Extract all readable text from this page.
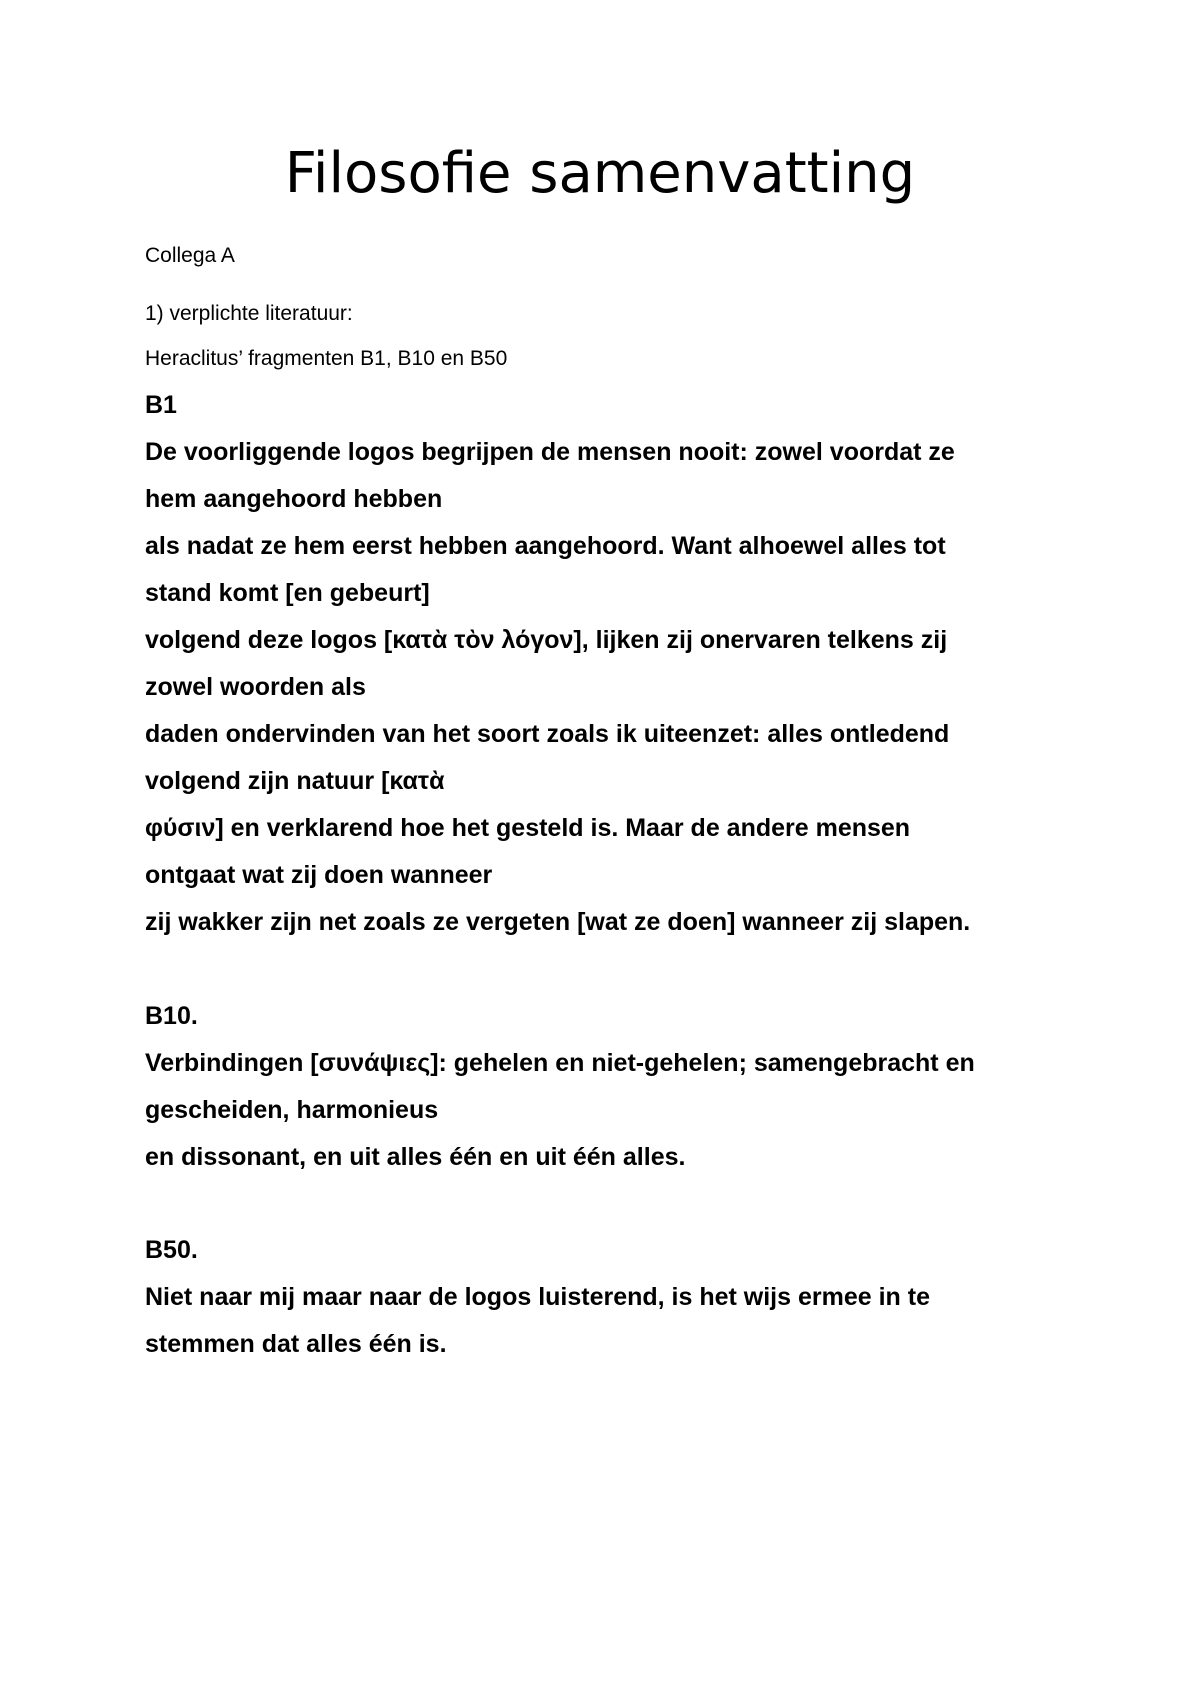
Filosofie samenvatting

Collega A

1) verplichte literatuur:

Heraclitus’ fragmenten B1, B10 en B50

B1

De voorliggende logos begrijpen de mensen nooit: zowel voordat ze

hem aangehoord hebben

als nadat ze hem eerst hebben aangehoord. Want alhoewel alles tot

stand komt [en gebeurt]

volgend deze logos [κατὰ τὸν λόγον], lijken zij onervaren telkens zij

zowel woorden als

daden ondervinden van het soort zoals ik uiteenzet: alles ontledend

volgend zijn natuur [κατὰ

φύσιν] en verklarend hoe het gesteld is. Maar de andere mensen

ontgaat wat zij doen wanneer

zij wakker zijn net zoals ze vergeten [wat ze doen] wanneer zij slapen.

B10.

Verbindingen [συνάψιες]: gehelen en niet-gehelen; samengebracht en

gescheiden, harmonieus

en dissonant, en uit alles één en uit één alles.

B50.

Niet naar mij maar naar de logos luisterend, is het wijs ermee in te

stemmen dat alles één is.
